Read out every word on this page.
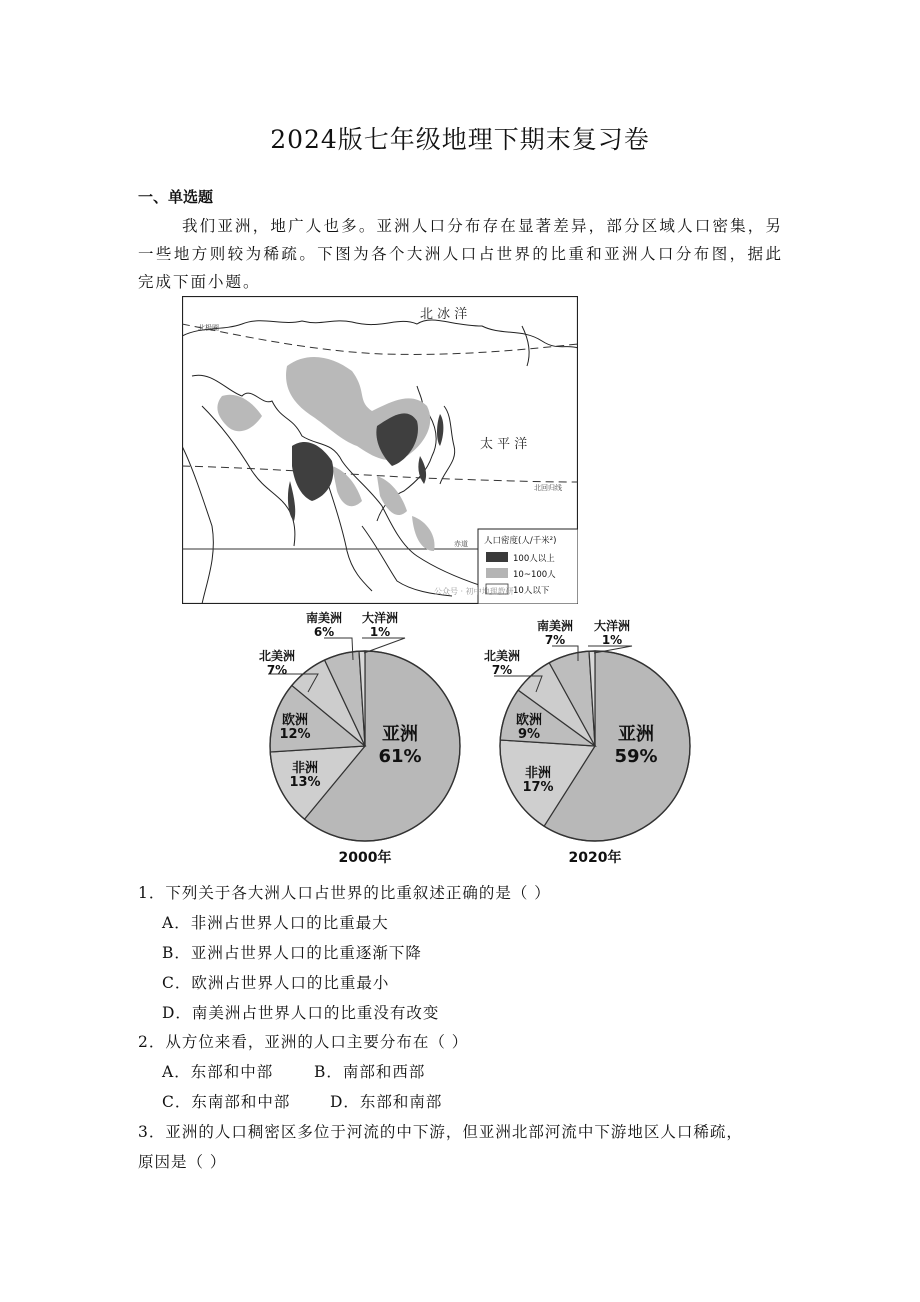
2024版七年级地理下期末复习卷
一、单选题
我们亚洲，地广人也多。亚洲人口分布存在显著差异，部分区域人口密集，另一些地方则较为稀疏。下图为各个大洲人口占世界的比重和亚洲人口分布图，据此完成下面小题。
北 冰 洋
太 平 洋
北极圈
北回归线
赤道 人口密度(人/千米²)
100人以上
10~100人
10人以下
公众号 · 初中地理教研
亚洲
61%
非洲
13%
欧洲
12%
北美洲
7%
南美洲
6%
大洋洲
1%
2000年
亚洲
59%
非洲
17%
欧洲
9%
北美洲
7%
南美洲
7%
大洋洲
1%
2020年
1．下列关于各大洲人口占世界的比重叙述正确的是（ ）
A．非洲占世界人口的比重最大
B．亚洲占世界人口的比重逐渐下降
C．欧洲占世界人口的比重最小
D．南美洲占世界人口的比重没有改变
2．从方位来看，亚洲的人口主要分布在（ ）
A．东部和中部	B．南部和西部
C．东南部和中部	D．东部和南部
3．亚洲的人口稠密区多位于河流的中下游，但亚洲北部河流中下游地区人口稀疏，
原因是（ ）
